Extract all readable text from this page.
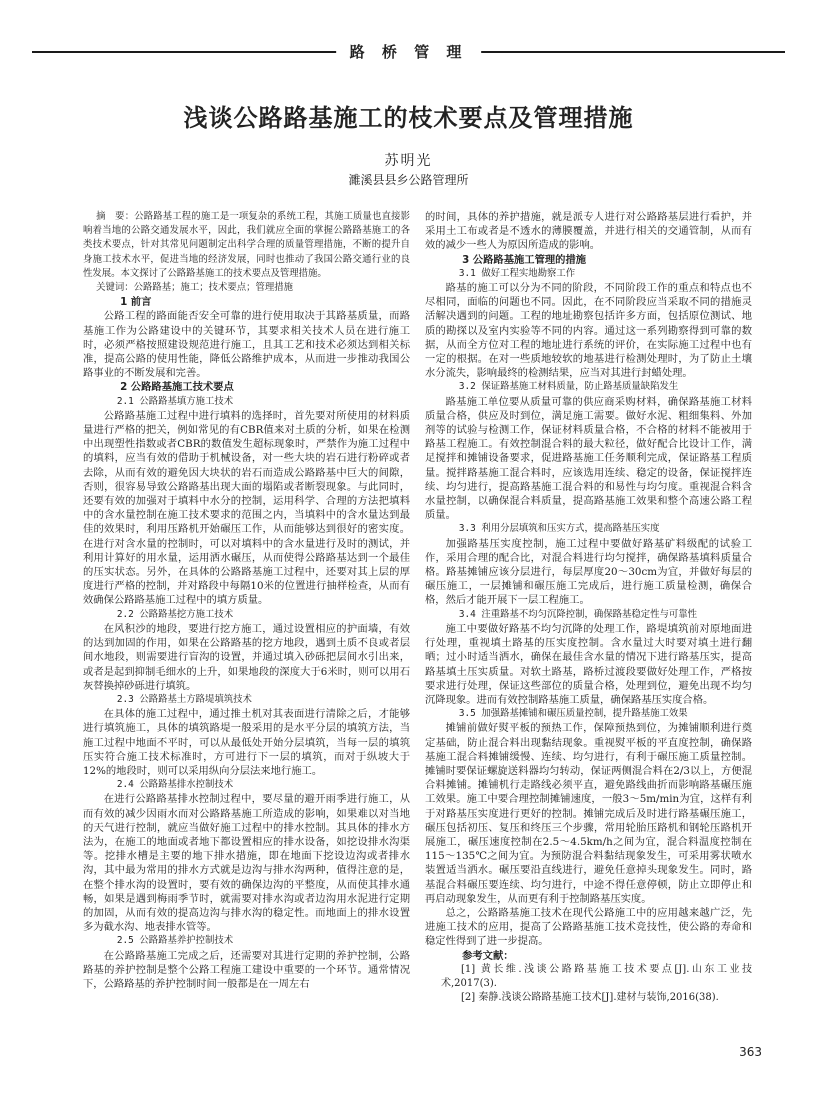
路 桥 管 理
浅谈公路路基施工的枝术要点及管理措施
苏明光
濉溪县县乡公路管理所

摘　要：公路路基工程的施工是一项复杂的系统工程，其施工质量也直接影响着当地的公路交通发展水平，因此，我们就应全面的掌握公路路基施工的各类技术要点，针对其常见问题制定出科学合理的质量管理措施，不断的提升自身施工技术水平，促进当地的经济发展，同时也推动了我国公路交通行业的良性发展。本文探讨了公路路基施工的技术要点及管理措施。

关键词：公路路基；施工；技术要点；管理措施

1 前言

公路工程的路面能否安全可靠的进行使用取决于其路基质量，而路基施工作为公路建设中的关键环节，其要求相关技术人员在进行施工时，必须严格按照建设规范进行施工，且其工艺和技术必须达到相关标准，提高公路的使用性能，降低公路维护成本，从而进一步推动我国公路事业的不断发展和完善。

2 公路路基施工技术要点

2.1 公路路基填方施工技术

公路路基施工过程中进行填料的选择时，首先要对所使用的材料质量进行严格的把关，例如常见的有CBR值来对土质的分析，如果在检测中出现塑性指数或者CBR的数值发生超标现象时，严禁作为施工过程中的填料，应当有效的借助于机械设备，对一些大块的岩石进行粉碎或者去除，从而有效的避免因大块状的岩石而造成公路路基中巨大的间隙，否则，很容易导致公路路基出现大面的塌陷或者断裂现象。与此同时，还要有效的加强对于填料中水分的控制，运用科学、合理的方法把填料中的含水量控制在施工技术要求的范围之内，当填料中的含水量达到最佳的效果时，利用压路机开始碾压工作，从而能够达到很好的密实度。在进行对含水量的控制时，可以对填料中的含水量进行及时的测试，并利用计算好的用水量，运用洒水碾压，从而使得公路路基达到一个最佳的压实状态。另外，在具体的公路路基施工过程中，还要对其上层的厚度进行严格的控制，并对路段中每隔10米的位置进行抽样检查，从而有效确保公路路基施工过程中的填方质量。

2.2 公路路基挖方施工技术

在风积沙的地段，要进行挖方施工，通过设置相应的护面墙，有效的达到加固的作用，如果在公路路基的挖方地段，遇到土质不良或者层间水地段，则需要进行盲沟的设置，并通过填入砂砾把层间水引出来，或者是起到抑制毛细水的上升，如果地段的深度大于6米时，则可以用石灰替换掉砂砾进行填筑。

2.3 公路路基土方路堤填筑技术

在具体的施工过程中，通过推土机对其表面进行清除之后，才能够进行填筑施工，具体的填筑路堤一般采用的是水平分层的填筑方法，当施工过程中地面不平时，可以从最低处开始分层填筑，当每一层的填筑压实符合施工技术标准时，方可进行下一层的填筑，而对于纵坡大于12%的地段时，则可以采用纵向分层法来地行施工。

2.4 公路路基排水控制技术

在进行公路路基排水控制过程中，要尽量的避开雨季进行施工，从而有效的减少因雨水而对公路路基施工所造成的影响，如果难以对当地的天气进行控制，就应当做好施工过程中的排水控制。其具体的排水方法为，在施工的地面或者地下都设置相应的排水设备，如挖设排水沟渠等。挖排水槽是主要的地下排水措施，即在地面下挖设边沟或者排水沟，其中最为常用的排水方式就是边沟与排水沟两种，值得注意的是，在整个排水沟的设置时，要有效的确保边沟的平整度，从而使其排水通畅，如果是遇到梅雨季节时，就需要对排水沟或者边沟用水泥进行定期的加固，从而有效的提高边沟与排水沟的稳定性。而地面上的排水设置多为截水沟、地表排水管等。

2.5 公路路基养护控制技术

在公路路基施工完成之后，还需要对其进行定期的养护控制，公路路基的养护控制是整个公路工程施工建设中重要的一个环节。通常情况下，公路路基的养护控制时间一般都是在一周左右

的时间，具体的养护措施，就是派专人进行对公路路基层进行看护，并采用土工布或者是不透水的薄膜覆盖，并进行相关的交通管制，从而有效的减少一些人为原因所造成的影响。

3 公路路基施工管理的措施

3.1 做好工程实地勘察工作

路基的施工可以分为不同的阶段，不同阶段工作的重点和特点也不尽相同，面临的问题也不同。因此，在不同阶段应当采取不同的措施灵活解决遇到的问题。工程的地址勘察包括许多方面，包括原位测试、地质的勘探以及室内实验等不同的内容。通过这一系列勘察得到可靠的数据，从而全方位对工程的地址进行系统的评价，在实际施工过程中也有一定的根据。在对一些质地较软的地基进行检测处理时，为了防止土壤水分流失，影响最终的检测结果，应当对其进行封蜡处理。

3.2 保证路基施工材料质量，防止路基质量缺陷发生

路基施工单位要从质量可靠的供应商采购材料，确保路基施工材料质量合格，供应及时到位，满足施工需要。做好水泥、粗细集料、外加剂等的试验与检测工作，保证材料质量合格，不合格的材料不能被用于路基工程施工。有效控制混合料的最大粒径，做好配合比设计工作，满足搅拌和摊铺设备要求，促进路基施工任务顺利完成，保证路基工程质量。搅拌路基施工混合料时，应该选用连续、稳定的设备，保证搅拌连续、均匀进行，提高路基施工混合料的和易性与均匀度。重视混合料含水量控制，以确保混合料质量，提高路基施工效果和整个高速公路工程质量。

3.3 利用分层填筑和压实方式，提高路基压实度

加强路基压实度控制，施工过程中要做好路基矿料级配的试验工作，采用合理的配合比，对混合料进行均匀搅拌，确保路基填料质量合格。路基摊铺应该分层进行，每层厚度20～30cm为宜，并做好每层的碾压施工，一层摊铺和碾压施工完成后，进行施工质量检测，确保合格，然后才能开展下一层工程施工。

3.4 注重路基不均匀沉降控制，确保路基稳定性与可靠性

施工中要做好路基不均匀沉降的处理工作，路堤填筑前对原地面进行处理，重视填土路基的压实度控制。含水量过大时要对填土进行翻晒；过小时适当洒水，确保在最佳含水量的情况下进行路基压实，提高路基填土压实质量。对软土路基，路桥过渡段要做好处理工作，严格按要求进行处理，保证这些部位的质量合格，处理到位，避免出现不均匀沉降现象。进而有效控制路基施工质量，确保路基压实度合格。

3.5 加强路基摊铺和碾压质量控制，提升路基施工效果

摊铺前做好熨平板的预热工作，保障预热到位，为摊铺顺利进行奠定基础，防止混合料出现黏结现象。重视熨平板的平直度控制，确保路基施工混合料摊铺缓慢、连续、均匀进行，有利于碾压施工质量控制。摊铺时要保证螺旋送料器均匀转动，保证两侧混合料在2/3以上，方便混合料摊铺。摊铺机行走路线必须平直，避免路线曲折而影响路基碾压施工效果。施工中要合理控制摊铺速度，一般3～5m/min为宜，这样有利于对路基压实度进行更好的控制。摊铺完成后及时进行路基碾压施工，碾压包括初压、复压和终压三个步骤，常用轮胎压路机和钢轮压路机开展施工，碾压速度控制在2.5～4.5km/h之间为宜，混合料温度控制在115～135℃之间为宜。为预防混合料黏结现象发生，可采用雾状喷水装置适当洒水。碾压要沿直线进行，避免任意掉头现象发生。同时，路基混合料碾压要连续、均匀进行，中途不得任意停顿，防止立即停止和再启动现象发生，从而更有利于控制路基压实度。

总之，公路路基施工技术在现代公路施工中的应用越来越广泛，先进施工技术的应用，提高了公路路基施工技术竞技性，使公路的寿命和稳定性得到了进一步提高。

参考文献：

[1] 黄长维.浅谈公路路基施工技术要点[J].山东工业技术,2017(3).

[2] 秦静.浅谈公路路基施工技术[J].建材与装饰,2016(38).

363
